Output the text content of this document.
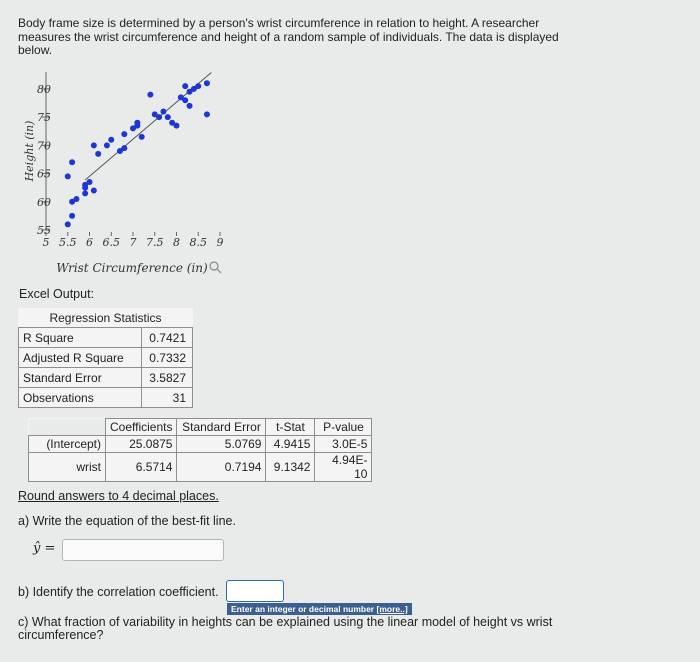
Body frame size is determined by a person's wrist circumference in relation to height. A researcher measures the wrist circumference and height of a random sample of individuals. The data is displayed below.
55
60
65
70
75
80
5 5.5 6 6.5 7 7.5 8 8.5 9
Height (in)
Wrist Circumference (in)
Excel Output:
Regression Statistics	
R Square	0.7421
Adjusted R Square	0.7332
Standard Error	3.5827
Observations	31
	Coefficients	Standard Error	t-Stat	P-value
(Intercept)	25.0875	5.0769	4.9415	3.0E-5
wrist	6.5714	0.7194	9.1342	4.94E-10
Round answers to 4 decimal places.
a) Write the equation of the best-fit line.
ŷ =
b) Identify the correlation coefficient.
Enter an integer or decimal number [more..]
c) What fraction of variability in heights can be explained using the linear model of height vs wrist circumference?
